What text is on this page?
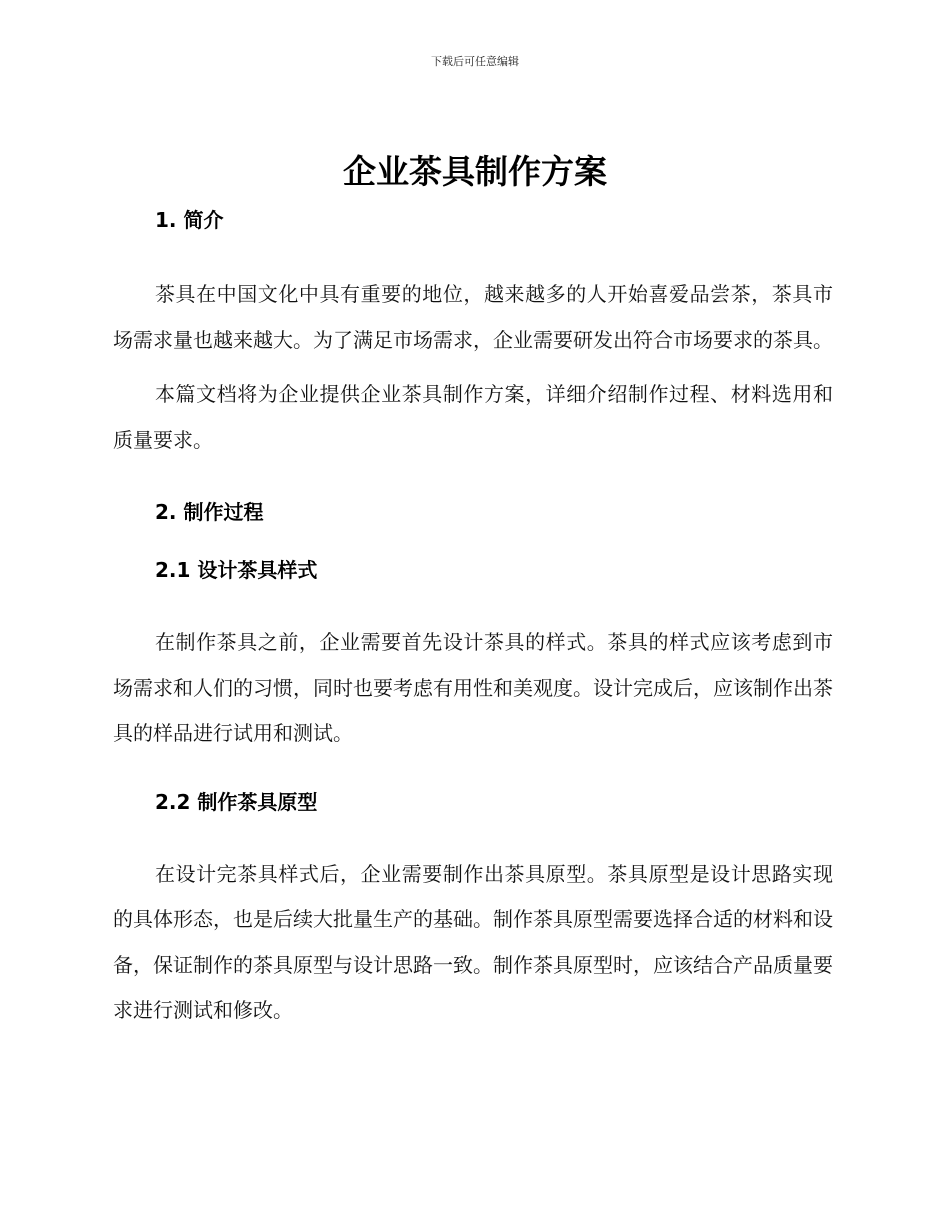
下载后可任意编辑
企业茶具制作方案
1. 简介

茶具在中国文化中具有重要的地位，越来越多的人开始喜爱品尝茶，茶具市场需求量也越来越大。为了满足市场需求，企业需要研发出符合市场要求的茶具。

本篇文档将为企业提供企业茶具制作方案，详细介绍制作过程、材料选用和质量要求。

2. 制作过程
2.1 设计茶具样式

在制作茶具之前，企业需要首先设计茶具的样式。茶具的样式应该考虑到市场需求和人们的习惯，同时也要考虑有用性和美观度。设计完成后，应该制作出茶具的样品进行试用和测试。

2.2 制作茶具原型

在设计完茶具样式后，企业需要制作出茶具原型。茶具原型是设计思路实现的具体形态，也是后续大批量生产的基础。制作茶具原型需要选择合适的材料和设备，保证制作的茶具原型与设计思路一致。制作茶具原型时，应该结合产品质量要求进行测试和修改。
